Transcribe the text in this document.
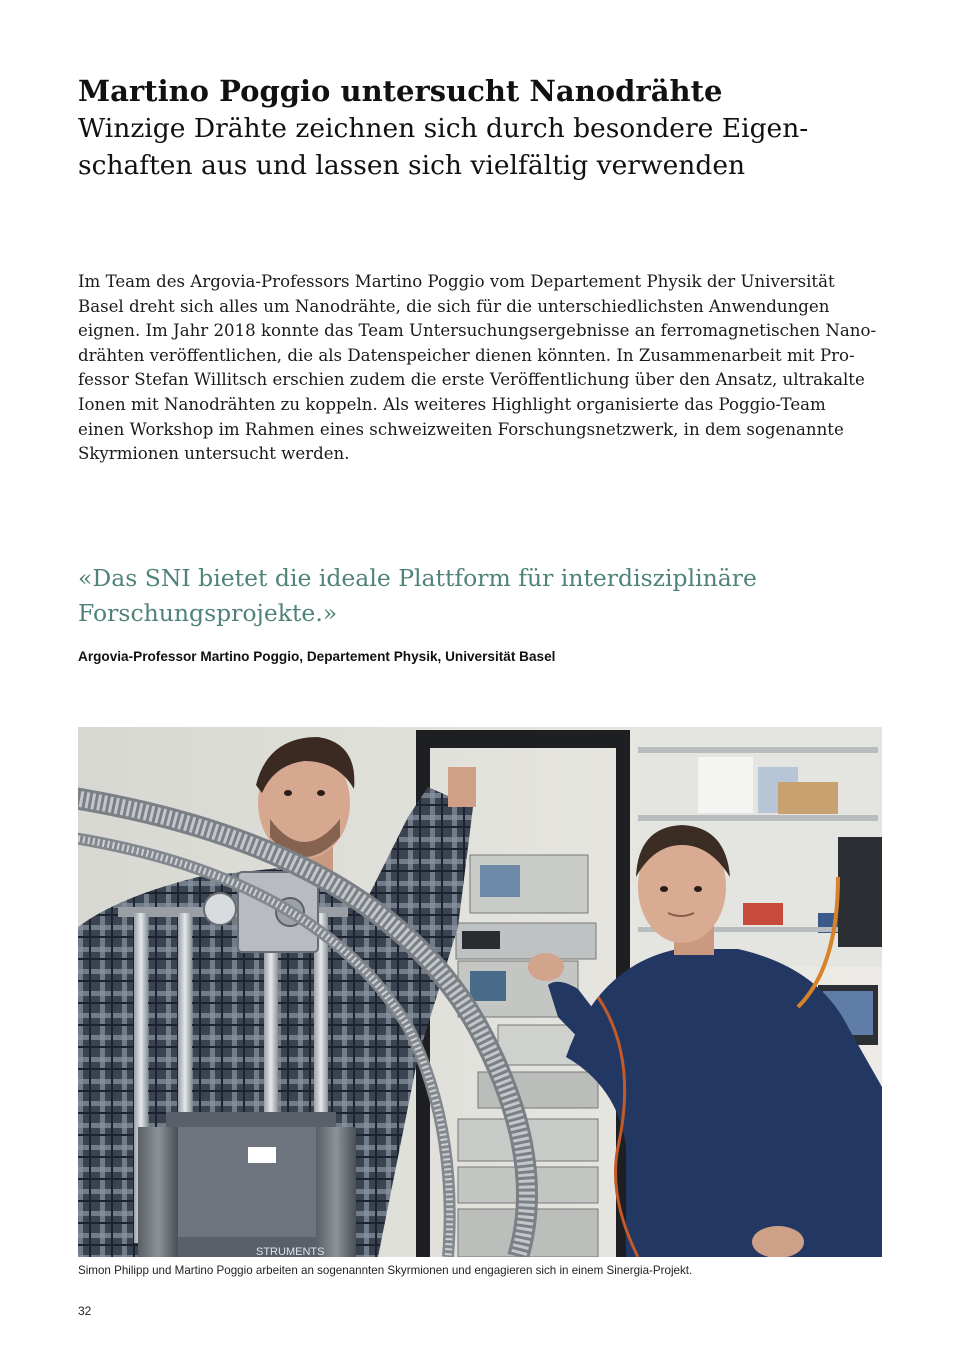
Martino Poggio untersucht Nanodrähte
Winzige Drähte zeichnen sich durch besondere Eigen-
schaften aus und lassen sich vielfältig verwenden
Im Team des Argovia-Professors Martino Poggio vom Departement Physik der Universität
Basel dreht sich alles um Nanodrähte, die sich für die unterschiedlichsten Anwendungen
eignen. Im Jahr 2018 konnte das Team Untersuchungsergebnisse an ferromagnetischen Nano-
drähten veröffentlichen, die als Datenspeicher dienen könnten. In Zusammenarbeit mit Pro-
fessor Stefan Willitsch erschien zudem die erste Veröffentlichung über den Ansatz, ultrakalte
Ionen mit Nanodrähten zu koppeln. Als weiteres Highlight organisierte das Poggio-Team
einen Workshop im Rahmen eines schweizweiten Forschungsnetzwerk, in dem sogenannte
Skyrmionen untersucht werden.
«Das SNI bietet die ideale Plattform für interdisziplinäre
Forschungsprojekte.»
Argovia-Professor Martino Poggio, Departement Physik, Universität Basel
STRUMENTS
Simon Philipp und Martino Poggio arbeiten an sogenannten Skyrmionen und engagieren sich in einem Sinergia-Projekt.
32
